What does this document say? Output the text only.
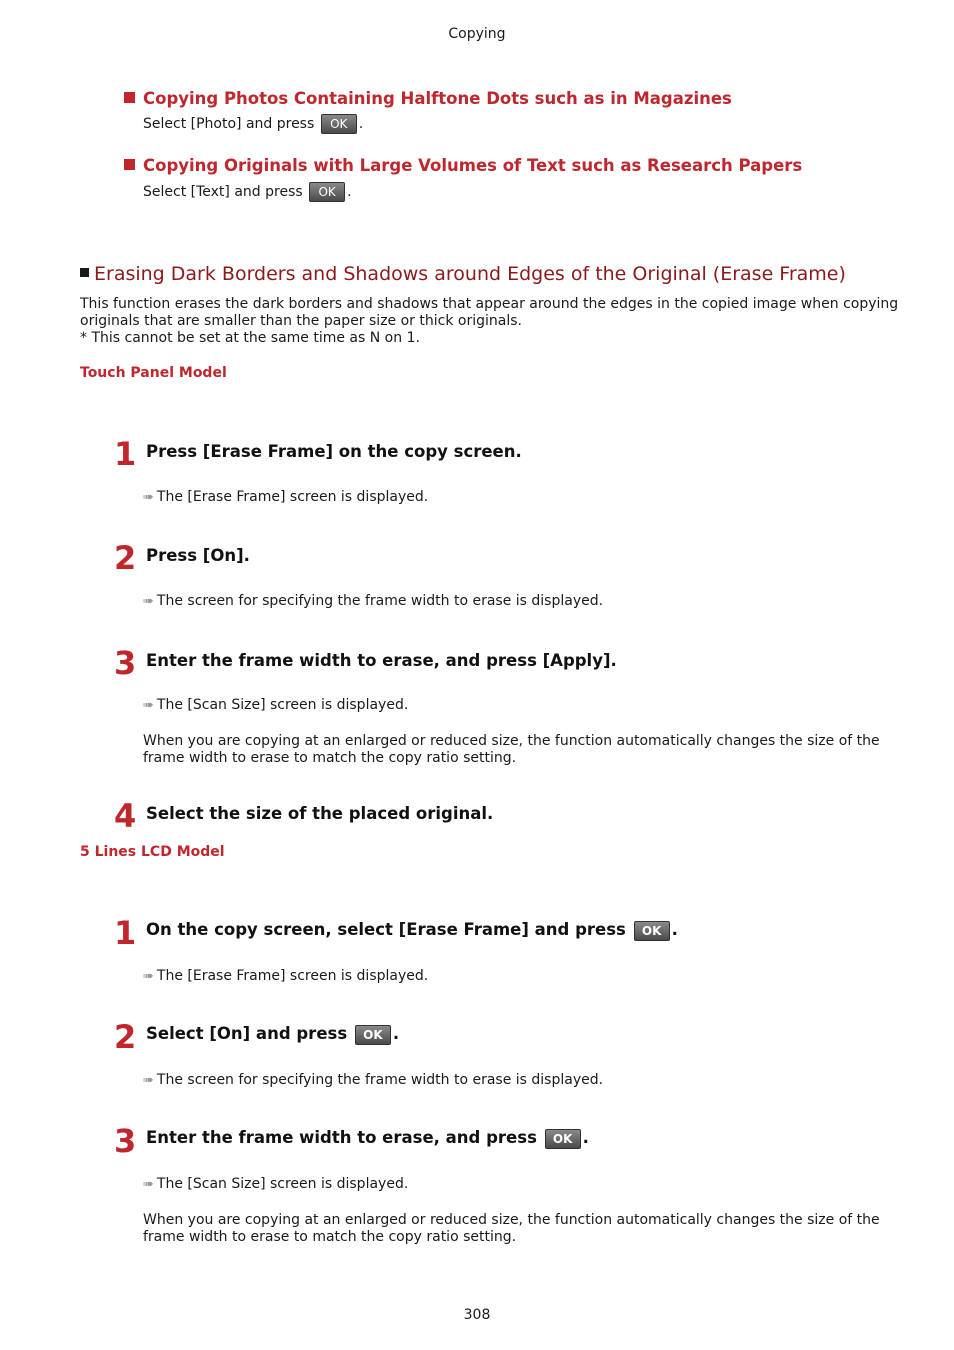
Copying
Copying Photos Containing Halftone Dots such as in Magazines
Select [Photo] and press OK .
Copying Originals with Large Volumes of Text such as Research Papers
Select [Text] and press OK .
Erasing Dark Borders and Shadows around Edges of the Original (Erase Frame)
This function erases the dark borders and shadows that appear around the edges in the copied image when copying
originals that are smaller than the paper size or thick originals.
* This cannot be set at the same time as N on 1.
Touch Panel Model
1 Press [Erase Frame] on the copy screen.
➠ The [Erase Frame] screen is displayed.
2 Press [On].
➠ The screen for specifying the frame width to erase is displayed.
3 Enter the frame width to erase, and press [Apply].
➠ The [Scan Size] screen is displayed.
When you are copying at an enlarged or reduced size, the function automatically changes the size of the
frame width to erase to match the copy ratio setting.
4 Select the size of the placed original.
5 Lines LCD Model
1 On the copy screen, select [Erase Frame] and press OK .
➠ The [Erase Frame] screen is displayed.
2 Select [On] and press OK .
➠ The screen for specifying the frame width to erase is displayed.
3 Enter the frame width to erase, and press OK .
➠ The [Scan Size] screen is displayed.
When you are copying at an enlarged or reduced size, the function automatically changes the size of the
frame width to erase to match the copy ratio setting.
308
